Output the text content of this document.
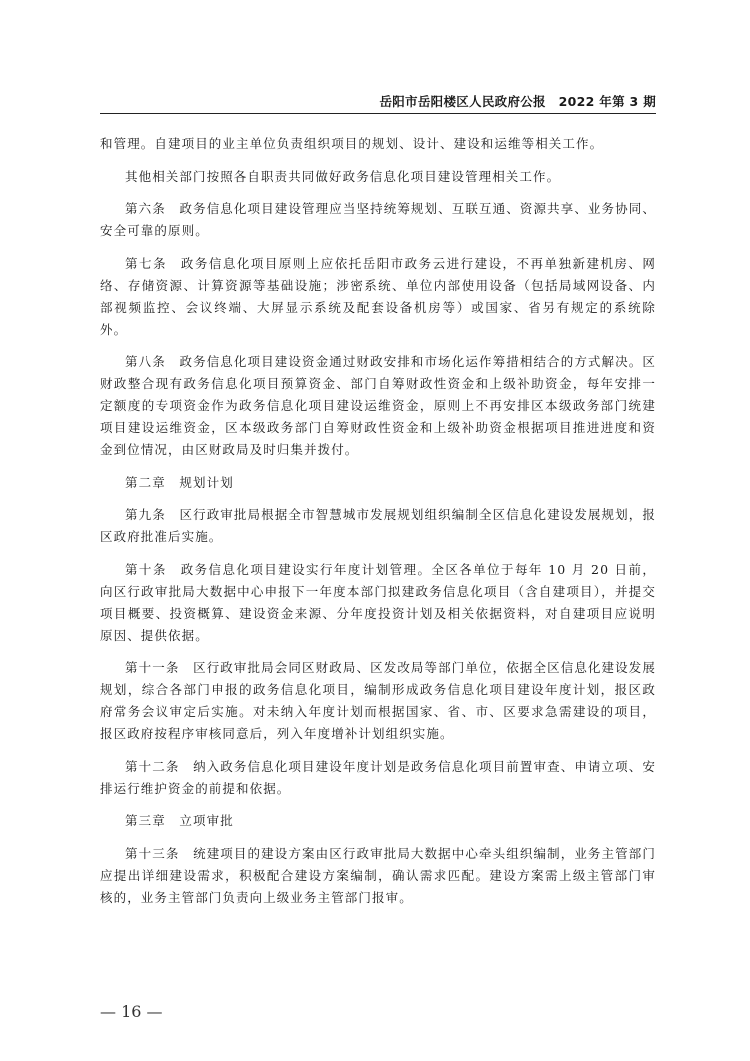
岳阳市岳阳楼区人民政府公报　2022 年第 3 期

和管理。自建项目的业主单位负责组织项目的规划、设计、建设和运维等相关工作。

其他相关部门按照各自职责共同做好政务信息化项目建设管理相关工作。

第六条　政务信息化项目建设管理应当坚持统筹规划、互联互通、资源共享、业务协同、安全可靠的原则。

第七条　政务信息化项目原则上应依托岳阳市政务云进行建设，不再单独新建机房、网络、存储资源、计算资源等基础设施；涉密系统、单位内部使用设备（包括局域网设备、内部视频监控、会议终端、大屏显示系统及配套设备机房等）或国家、省另有规定的系统除外。

第八条　政务信息化项目建设资金通过财政安排和市场化运作筹措相结合的方式解决。区财政整合现有政务信息化项目预算资金、部门自筹财政性资金和上级补助资金，每年安排一定额度的专项资金作为政务信息化项目建设运维资金，原则上不再安排区本级政务部门统建项目建设运维资金，区本级政务部门自筹财政性资金和上级补助资金根据项目推进进度和资金到位情况，由区财政局及时归集并拨付。

第二章　规划计划

第九条　区行政审批局根据全市智慧城市发展规划组织编制全区信息化建设发展规划，报区政府批准后实施。

第十条　政务信息化项目建设实行年度计划管理。全区各单位于每年 10 月 20 日前，向区行政审批局大数据中心申报下一年度本部门拟建政务信息化项目（含自建项目），并提交项目概要、投资概算、建设资金来源、分年度投资计划及相关依据资料，对自建项目应说明原因、提供依据。

第十一条　区行政审批局会同区财政局、区发改局等部门单位，依据全区信息化建设发展规划，综合各部门申报的政务信息化项目，编制形成政务信息化项目建设年度计划，报区政府常务会议审定后实施。对未纳入年度计划而根据国家、省、市、区要求急需建设的项目，报区政府按程序审核同意后，列入年度增补计划组织实施。

第十二条　纳入政务信息化项目建设年度计划是政务信息化项目前置审查、申请立项、安排运行维护资金的前提和依据。

第三章　立项审批

第十三条　统建项目的建设方案由区行政审批局大数据中心牵头组织编制，业务主管部门应提出详细建设需求，积极配合建设方案编制，确认需求匹配。建设方案需上级主管部门审核的，业务主管部门负责向上级业务主管部门报审。

— 16 —
